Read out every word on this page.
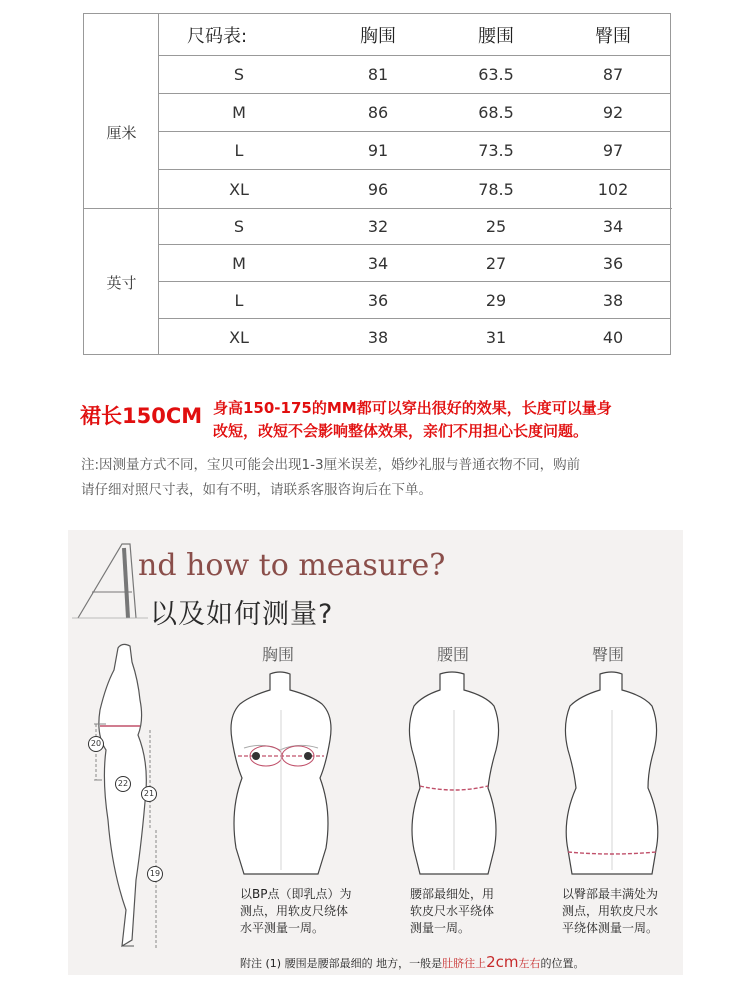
尺码表:	胸围	腰围	臀围
厘米
S	81	63.5	87
M	86	68.5	92
L	91	73.5	97
XL	96	78.5	102
英寸
S	32	25	34
M	34	27	36
L	36	29	38
XL	38	31	40
裙长150CM 身高150-175的MM都可以穿出很好的效果，长度可以量身
改短，改短不会影响整体效果，亲们不用担心长度问题。
注:因测量方式不同，宝贝可能会出现1-3厘米误差，婚纱礼服与普通衣物不同，购前
请仔细对照尺寸表，如有不明，请联系客服咨询后在下单。
nd how to measure?
以及如何测量?
20
22
21
19
胸围	腰围	臀围
以BP点（即乳点）为
测点，用软皮尺绕体
水平测量一周。
腰部最细处，用
软皮尺水平绕体
测量一周。
以臀部最丰满处为
测点，用软皮尺水
平绕体测量一周。
附注 (1) 腰围是腰部最细的 地方，一般是肚脐往上2cm左右的位置。
